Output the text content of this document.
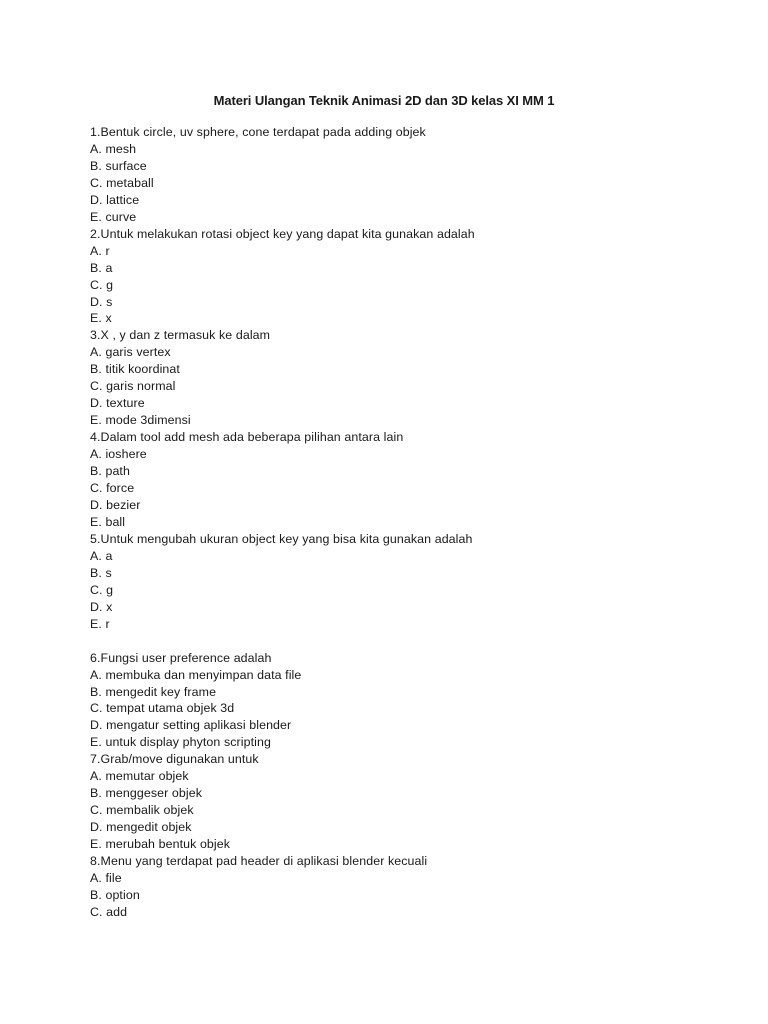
Materi Ulangan Teknik Animasi 2D dan 3D kelas XI MM 1
1.Bentuk circle, uv sphere, cone terdapat pada adding objek
A. mesh
B. surface
C. metaball
D. lattice
E. curve
2.Untuk melakukan rotasi object key yang dapat kita gunakan adalah
A. r
B. a
C. g
D. s
E. x
3.X , y dan z termasuk ke dalam
A. garis vertex
B. titik koordinat
C. garis normal
D. texture
E. mode 3dimensi
4.Dalam tool add mesh ada beberapa pilihan antara lain
A. ioshere
B. path
C. force
D. bezier
E. ball
5.Untuk mengubah ukuran object key yang bisa kita gunakan adalah
A. a
B. s
C. g
D. x
E. r
6.Fungsi user preference adalah
A. membuka dan menyimpan data file
B. mengedit key frame
C. tempat utama objek 3d
D. mengatur setting aplikasi blender
E. untuk display phyton scripting
7.Grab/move digunakan untuk
A. memutar objek
B. menggeser objek
C. membalik objek
D. mengedit objek
E. merubah bentuk objek
8.Menu yang terdapat pad header di aplikasi blender kecuali
A. file
B. option
C. add
